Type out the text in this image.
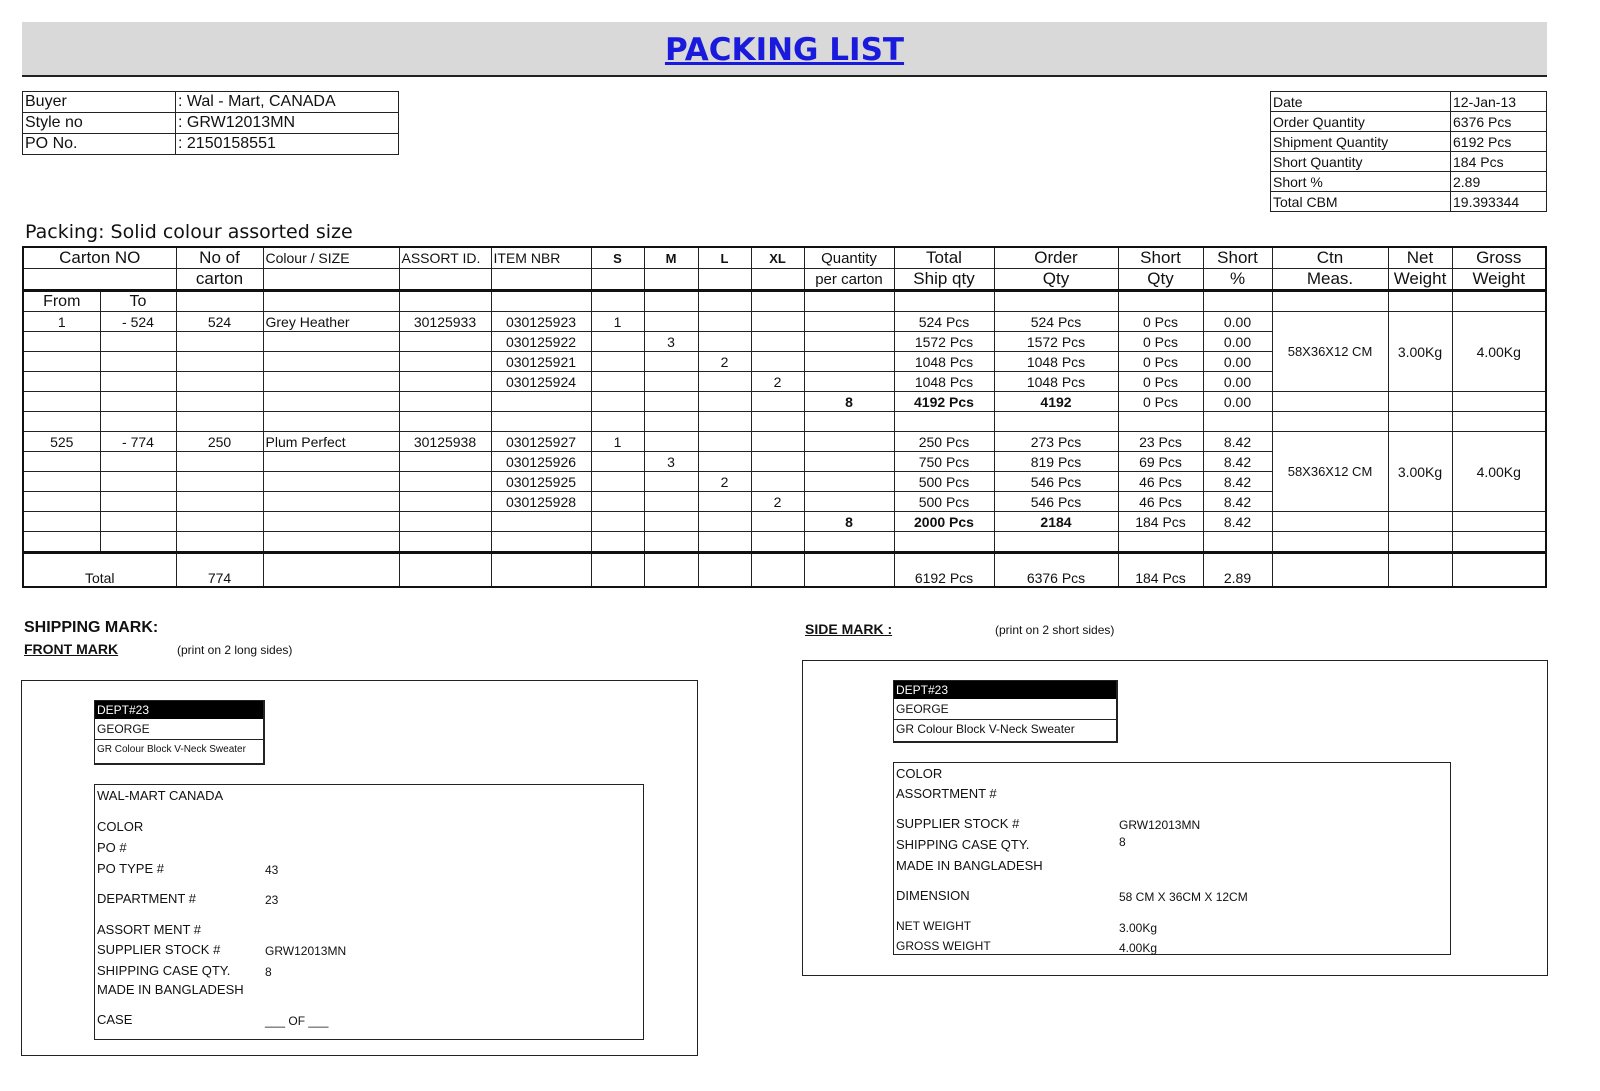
PACKING LIST
Buyer	: Wal - Mart, CANADA
Style no	: GRW12013MN
PO No.	: 2150158551
Date	12-Jan-13
Order Quantity	6376 Pcs
Shipment Quantity	6192 Pcs
Short Quantity	184 Pcs
Short %	2.89
Total CBM	19.393344
Packing: Solid colour assorted size
Carton NO		No of	Colour / SIZE	ASSORT ID.	ITEM NBR	S	M	L	XL	Quantity	Total	Order	Short	Short	Ctn	Net	Gross
		carton								per carton	Ship qty	Qty	Qty	%	Meas.	Weight	Weight
From	To																
1	- 524	524	Grey Heather	30125933	030125923	1					524 Pcs	524 Pcs	0 Pcs	0.00	58X36X12 CM	3.00Kg	4.00Kg
					030125922		3				1572 Pcs	1572 Pcs	0 Pcs	0.00			
					030125921			2			1048 Pcs	1048 Pcs	0 Pcs	0.00			
					030125924				2		1048 Pcs	1048 Pcs	0 Pcs	0.00			
										8	4192 Pcs	4192	0 Pcs	0.00			

525	- 774	250	Plum Perfect	30125938	030125927	1					250 Pcs	273 Pcs	23 Pcs	8.42	58X36X12 CM	3.00Kg	4.00Kg
					030125926		3				750 Pcs	819 Pcs	69 Pcs	8.42			
					030125925			2			500 Pcs	546 Pcs	46 Pcs	8.42			
					030125928				2		500 Pcs	546 Pcs	46 Pcs	8.42			
										8	2000 Pcs	2184	184 Pcs	8.42			

Total		774									6192 Pcs	6376 Pcs	184 Pcs	2.89			
SHIPPING MARK:
FRONT MARK	(print on 2 long sides)
SIDE MARK :	(print on 2 short sides)
DEPT#23
GEORGE
GR Colour Block V-Neck Sweater
WAL-MART CANADA
COLOR
PO #
PO TYPE #	43
DEPARTMENT #	23
ASSORT MENT #
SUPPLIER STOCK #	GRW12013MN
SHIPPING CASE QTY.	8
MADE IN BANGLADESH
CASE	___ OF ___
DEPT#23
GEORGE
GR Colour Block V-Neck Sweater
COLOR
ASSORTMENT #
SUPPLIER STOCK #	GRW12013MN
SHIPPING CASE QTY.	8
MADE IN BANGLADESH
DIMENSION	58 CM X 36CM X 12CM
NET WEIGHT	3.00Kg
GROSS WEIGHT	4.00Kg
